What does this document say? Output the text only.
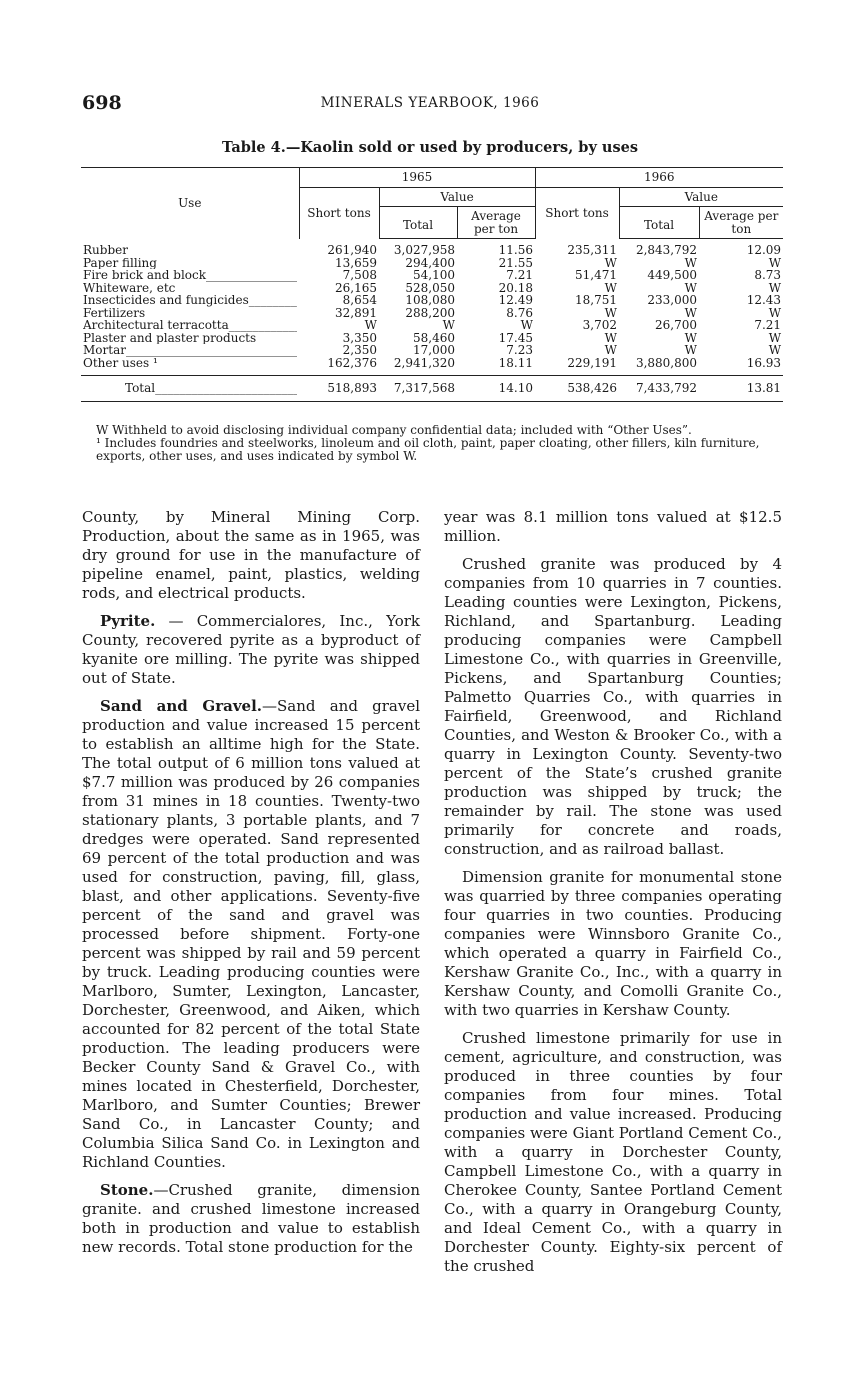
698	MINERALS YEARBOOK, 1966
Table 4.—Kaolin sold or used by producers, by uses
Use	1965			1966		
	Short tons	Value		Short tons	Value	
		Total	Average per ton		Total	Average per ton

Rubber _____	261,940	3,027,958	11.56	235,311	2,843,792	12.09

Paper filling _____	13,659	294,400	21.55	W	W	W

Fire brick and block _____	7,508	54,100	7.21	51,471	449,500	8.73

Whiteware, etc _____	26,165	528,050	20.18	W	W	W

Insecticides and fungicides _____	8,654	108,080	12.49	18,751	233,000	12.43

Fertilizers _____	32,891	288,200	8.76	W	W	W

Architectural terracotta _____	W	W	W	3,702	26,700	7.21

Plaster and plaster products _____	3,350	58,460	17.45	W	W	W

Mortar _____	2,350	17,000	7.23	W	W	W

Other uses ¹ _____	162,376	2,941,320	18.11	229,191	3,880,800	16.93

Total _____	518,893	7,317,568	14.10	538,426	7,433,792	13.81

W Withheld to avoid disclosing individual company confidential data; included with “Other Uses”.

¹ Includes foundries and steelworks, linoleum and oil cloth, paint, paper cloating, other fillers, kiln furniture, exports, other uses, and uses indicated by symbol W.

County, by Mineral Mining Corp. Production, about the same as in 1965, was dry ground for use in the manufacture of pipeline enamel, paint, plastics, welding rods, and electrical products.

Pyrite. — Commercialores, Inc., York County, recovered pyrite as a byproduct of kyanite ore milling. The pyrite was shipped out of State.

Sand and Gravel.—Sand and gravel production and value increased 15 percent to establish an alltime high for the State. The total output of 6 million tons valued at $7.7 million was produced by 26 companies from 31 mines in 18 counties. Twenty-two stationary plants, 3 portable plants, and 7 dredges were operated. Sand represented 69 percent of the total production and was used for construction, paving, fill, glass, blast, and other applications. Seventy-five percent of the sand and gravel was processed before shipment. Forty-one percent was shipped by rail and 59 percent by truck. Leading producing counties were Marlboro, Sumter, Lexington, Lancaster, Dorchester, Greenwood, and Aiken, which accounted for 82 percent of the total State production. The leading producers were Becker County Sand & Gravel Co., with mines located in Chesterfield, Dorchester, Marlboro, and Sumter Counties; Brewer Sand Co., in Lancaster County; and Columbia Silica Sand Co. in Lexington and Richland Counties.

Stone.—Crushed granite, dimension granite. and crushed limestone increased both in production and value to establish new records. Total stone production for the

year was 8.1 million tons valued at $12.5 million.

Crushed granite was produced by 4 companies from 10 quarries in 7 counties. Leading counties were Lexington, Pickens, Richland, and Spartanburg. Leading producing companies were Campbell Limestone Co., with quarries in Greenville, Pickens, and Spartanburg Counties; Palmetto Quarries Co., with quarries in Fairfield, Greenwood, and Richland Counties, and Weston & Brooker Co., with a quarry in Lexington County. Seventy-two percent of the State’s crushed granite production was shipped by truck; the remainder by rail. The stone was used primarily for concrete and roads, construction, and as railroad ballast.

Dimension granite for monumental stone was quarried by three companies operating four quarries in two counties. Producing companies were Winnsboro Granite Co., which operated a quarry in Fairfield Co., Kershaw Granite Co., Inc., with a quarry in Kershaw County, and Comolli Granite Co., with two quarries in Kershaw County.

Crushed limestone primarily for use in cement, agriculture, and construction, was produced in three counties by four companies from four mines. Total production and value increased. Producing companies were Giant Portland Cement Co., with a quarry in Dorchester County, Campbell Limestone Co., with a quarry in Cherokee County, Santee Portland Cement Co., with a quarry in Orangeburg County, and Ideal Cement Co., with a quarry in Dorchester County. Eighty-six percent of the crushed
